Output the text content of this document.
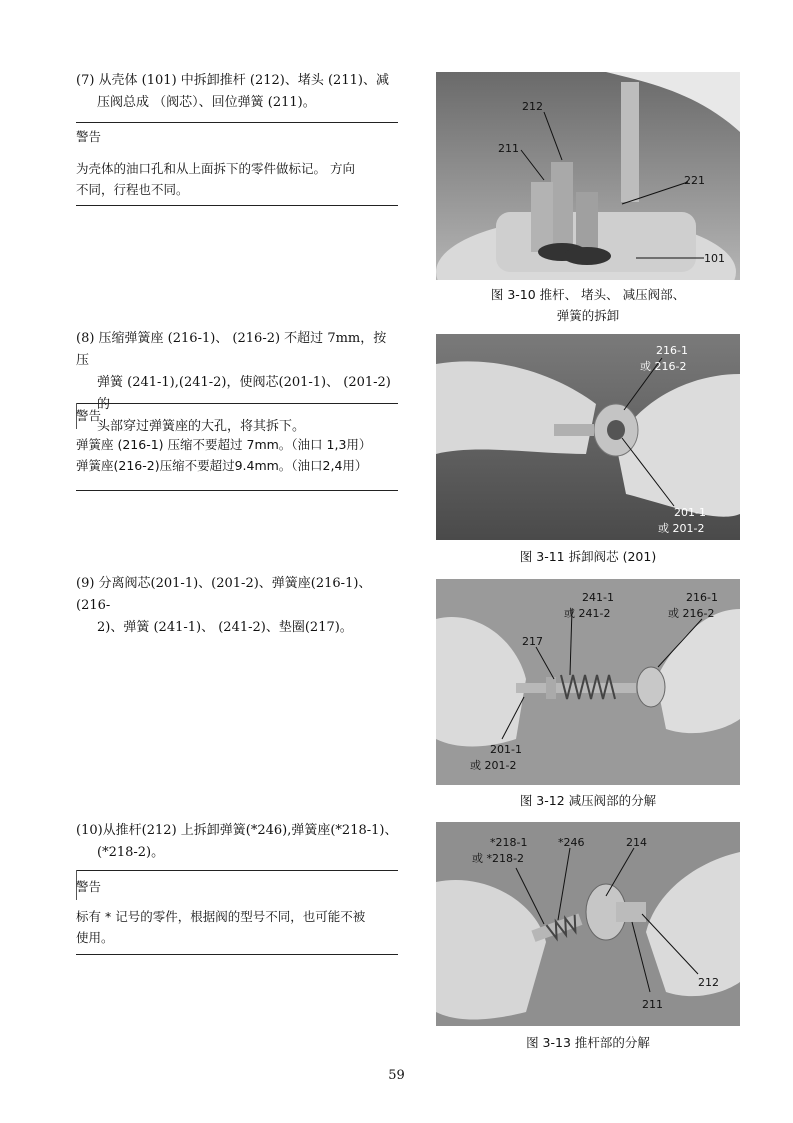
(7) 从壳体 (101) 中拆卸推杆 (212)、堵头 (211)、减
压阀总成 （阀芯）、回位弹簧 (211)。
警告
为壳体的油口孔和从上面拆下的零件做标记。 方向
不同，行程也不同。
212
211
221
101
图 3-10 推杆、 堵头、 减压阀部、
弹簧的拆卸
(8) 压缩弹簧座 (216-1)、 (216-2) 不超过 7mm，按压
弹簧 (241-1),(241-2)，使阀芯(201-1)、 (201-2)的
头部穿过弹簧座的大孔，将其拆下。
警告
弹簧座 (216-1) 压缩不要超过 7mm。（油口 1,3用）
弹簧座(216-2)压缩不要超过9.4mm。（油口2,4用）
216-1
或 216-2
201-1
或 201-2
图 3-11 拆卸阀芯 (201)
(9) 分离阀芯(201-1)、(201-2)、弹簧座(216-1)、(216-
2)、弹簧 (241-1)、 (241-2)、垫圈(217)。
241-1
或 241-2
216-1
或 216-2
217
201-1
或 201-2
图 3-12 减压阀部的分解
(10)从推杆(212) 上拆卸弹簧(*246),弹簧座(*218-1)、
(*218-2)。
警告
标有 * 记号的零件，根据阀的型号不同，也可能不被
使用。
*218-1
或 *218-2
*246	214
212
211
图 3-13 推杆部的分解
59
